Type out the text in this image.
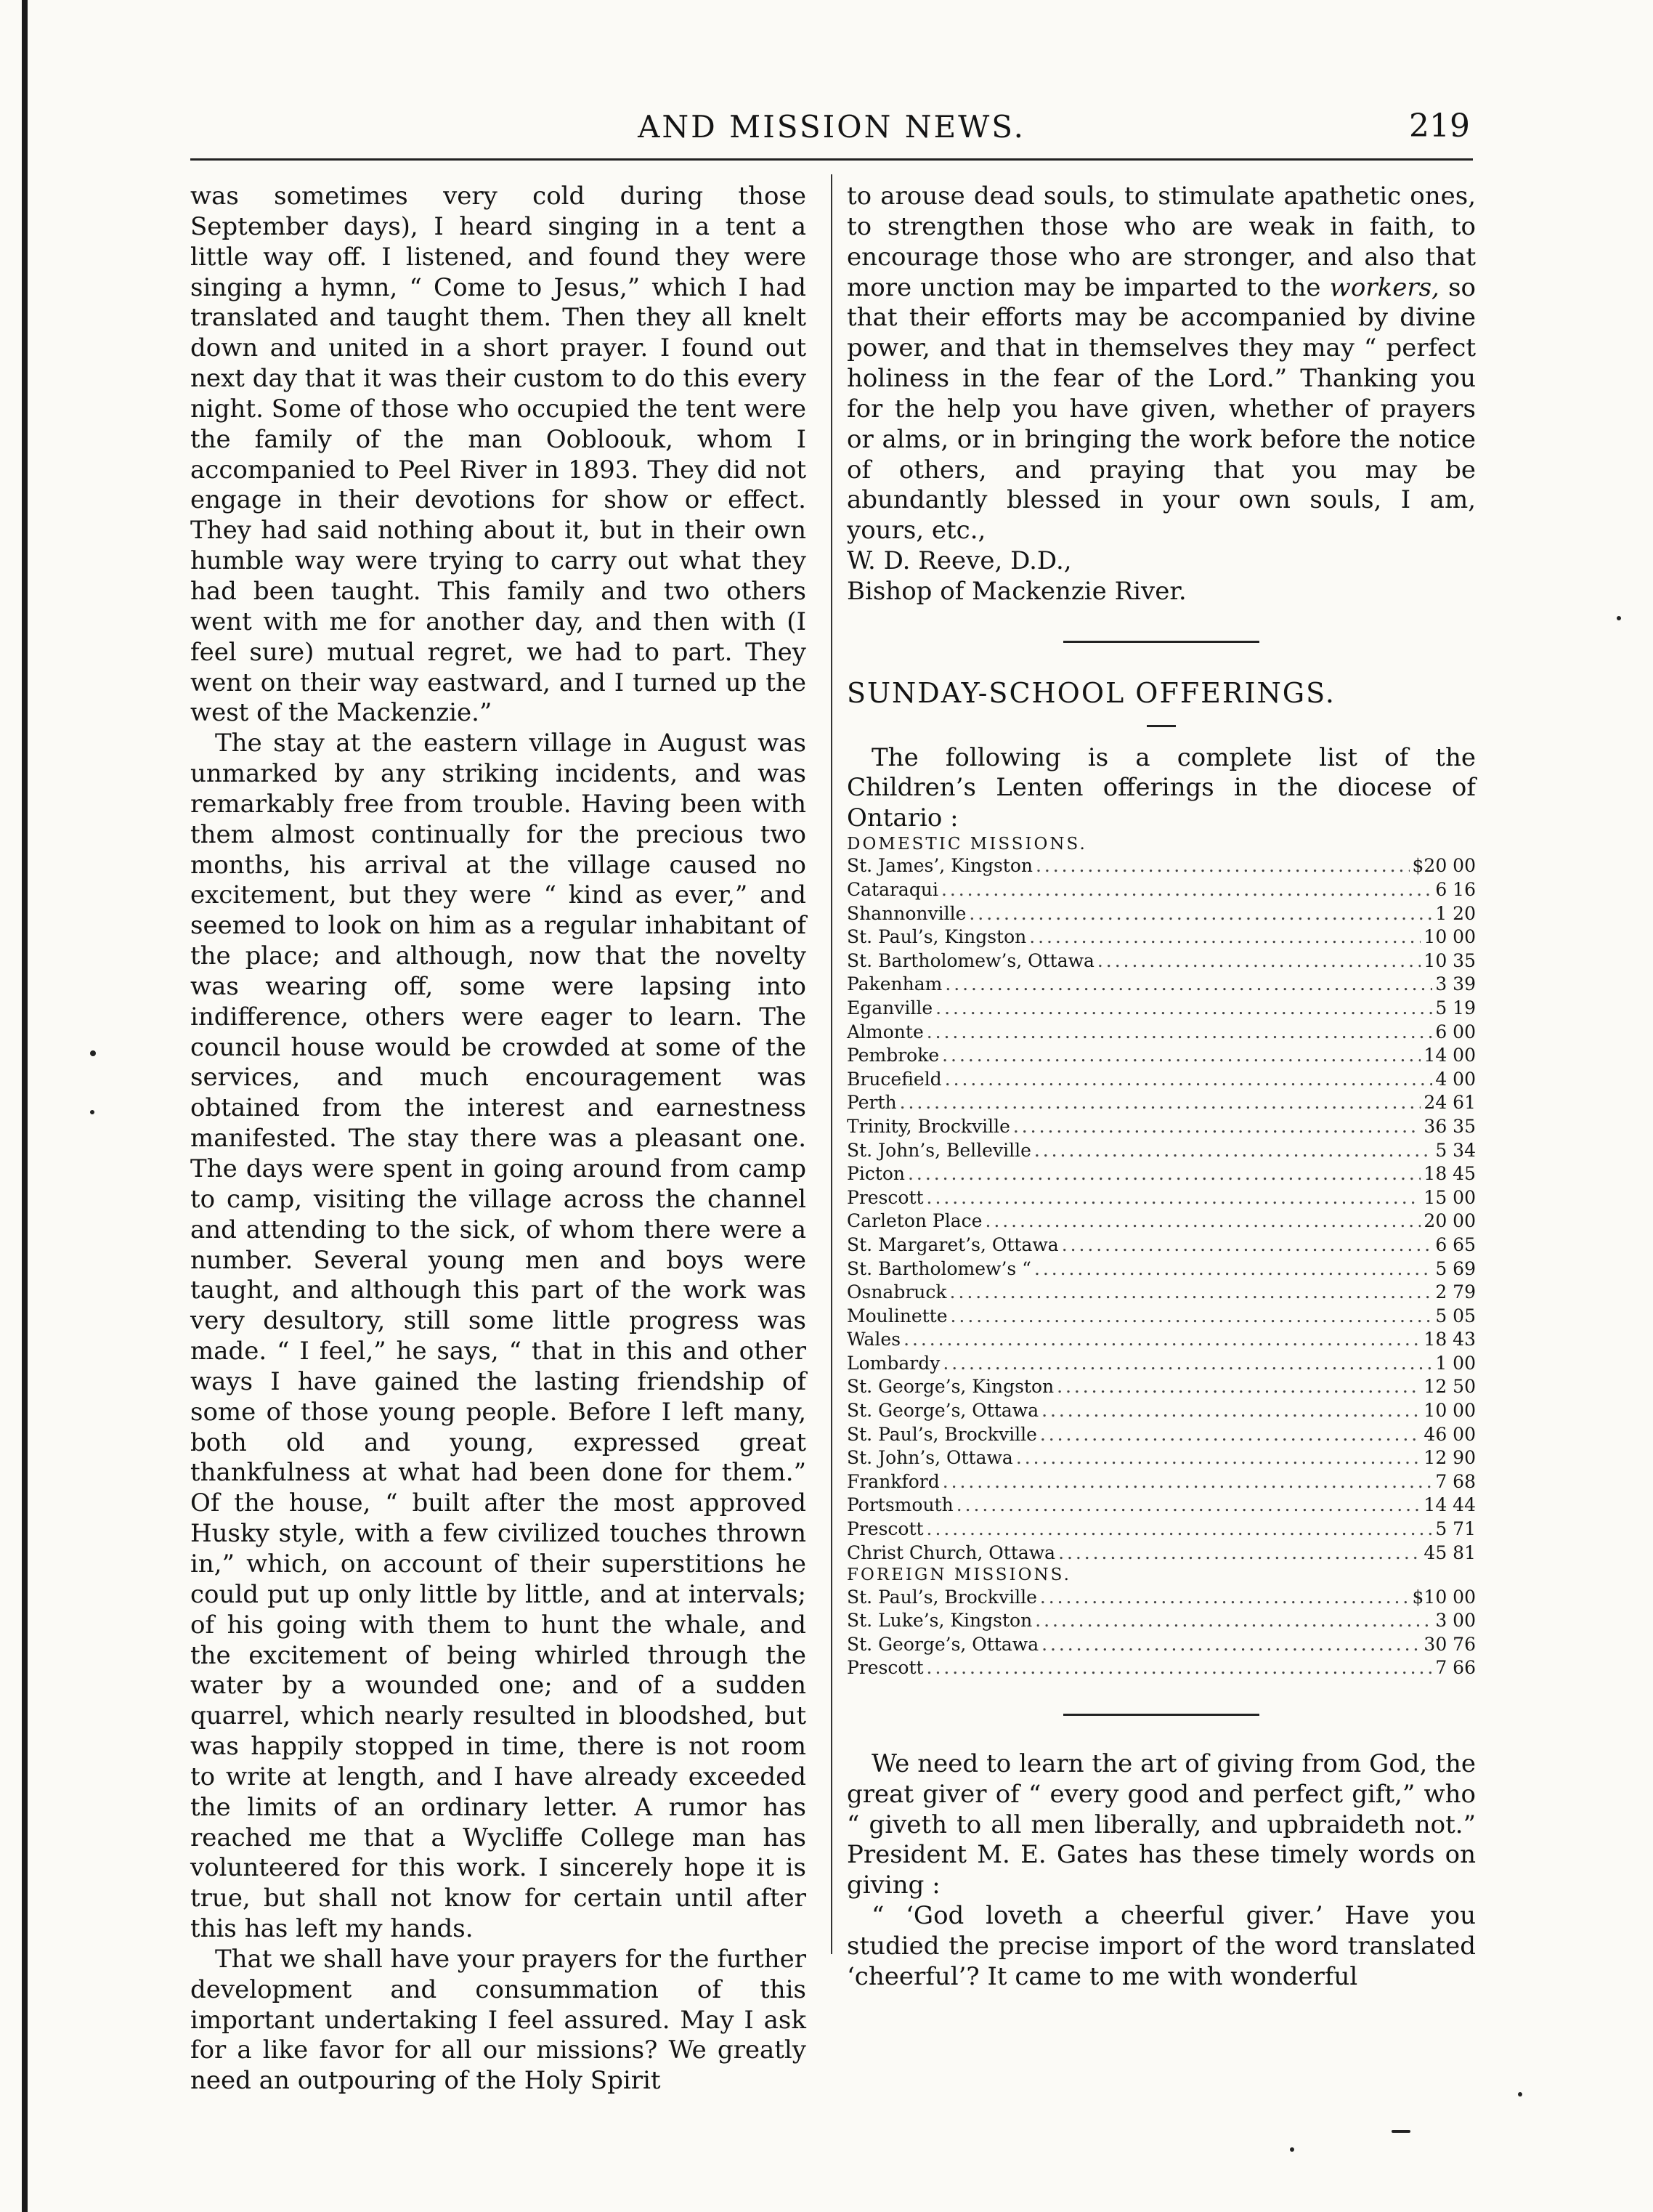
AND MISSION NEWS.	219

was sometimes very cold during those September days), I heard singing in a tent a little way off. I listened, and found they were singing a hymn, “ Come to Jesus,” which I had translated and taught them. Then they all knelt down and united in a short prayer. I found out next day that it was their custom to do this every night. Some of those who occupied the tent were the family of the man Oobloouk, whom I accompanied to Peel River in 1893. They did not engage in their devotions for show or effect. They had said nothing about it, but in their own humble way were trying to carry out what they had been taught. This family and two others went with me for another day, and then with (I feel sure) mutual regret, we had to part. They went on their way eastward, and I turned up the west of the Mackenzie.”

The stay at the eastern village in August was unmarked by any striking incidents, and was remarkably free from trouble. Having been with them almost continually for the precious two months, his arrival at the village caused no excitement, but they were “ kind as ever,” and seemed to look on him as a regular inhabitant of the place; and although, now that the novelty was wearing off, some were lapsing into indifference, others were eager to learn. The council house would be crowded at some of the services, and much encouragement was obtained from the interest and earnestness manifested. The stay there was a pleasant one. The days were spent in going around from camp to camp, visiting the village across the channel and attending to the sick, of whom there were a number. Several young men and boys were taught, and although this part of the work was very desultory, still some little progress was made. “ I feel,” he says, “ that in this and other ways I have gained the lasting friendship of some of those young people. Before I left many, both old and young, expressed great thankfulness at what had been done for them.” Of the house, “ built after the most approved Husky style, with a few civilized touches thrown in,” which, on account of their superstitions he could put up only little by little, and at intervals; of his going with them to hunt the whale, and the excitement of being whirled through the water by a wounded one; and of a sudden quarrel, which nearly resulted in bloodshed, but was happily stopped in time, there is not room to write at length, and I have already exceeded the limits of an ordinary letter. A rumor has reached me that a Wycliffe College man has volunteered for this work. I sincerely hope it is true, but shall not know for certain until after this has left my hands.

That we shall have your prayers for the further development and consummation of this important undertaking I feel assured. May I ask for a like favor for all our missions? We greatly need an outpouring of the Holy Spirit

to arouse dead souls, to stimulate apathetic ones, to strengthen those who are weak in faith, to encourage those who are stronger, and also that more unction may be imparted to the workers, so that their efforts may be accompanied by divine power, and that in themselves they may “ perfect holiness in the fear of the Lord.” Thanking you for the help you have given, whether of prayers or alms, or in bringing the work before the notice of others, and praying that you may be abundantly blessed in your own souls, I am, yours, etc.,

W. D. Reeve, D.D.,

Bishop of Mackenzie River.

SUNDAY-SCHOOL OFFERINGS.

The following is a complete list of the Children’s Lenten offerings in the diocese of Ontario :

DOMESTIC MISSIONS.

St. James’, Kingston . . .	$20 00
Cataraqui . . .	6 16
Shannonville . . .	1 20
St. Paul’s, Kingston . . .	10 00
St. Bartholomew’s, Ottawa . . .	10 35
Pakenham . . .	3 39
Eganville . . .	5 19
Almonte . . .	6 00
Pembroke . . .	14 00
Brucefield . . .	4 00
Perth . . .	24 61
Trinity, Brockville . . .	36 35
St. John’s, Belleville . . .	5 34
Picton . . .	18 45
Prescott . . .	15 00
Carleton Place . . .	20 00
St. Margaret’s, Ottawa . . .	6 65
St. Bartholomew’s “ . . .	5 69
Osnabruck . . .	2 79
Moulinette . . .	5 05
Wales . . .	18 43
Lombardy . . .	1 00
St. George’s, Kingston . . .	12 50
St. George’s, Ottawa . . .	10 00
St. Paul’s, Brockville . . .	46 00
St. John’s, Ottawa . . .	12 90
Frankford . . .	7 68
Portsmouth . . .	14 44
Prescott . . .	5 71
Christ Church, Ottawa . . .	45 81

FOREIGN MISSIONS.

St. Paul’s, Brockville . . .	$10 00
St. Luke’s, Kingston . . .	3 00
St. George’s, Ottawa . . .	30 76
Prescott . . .	7 66

We need to learn the art of giving from God, the great giver of “ every good and perfect gift,” who “ giveth to all men liberally, and upbraideth not.” President M. E. Gates has these timely words on giving :

“ ‘God loveth a cheerful giver.’ Have you studied the precise import of the word translated ‘cheerful’? It came to me with wonderful
